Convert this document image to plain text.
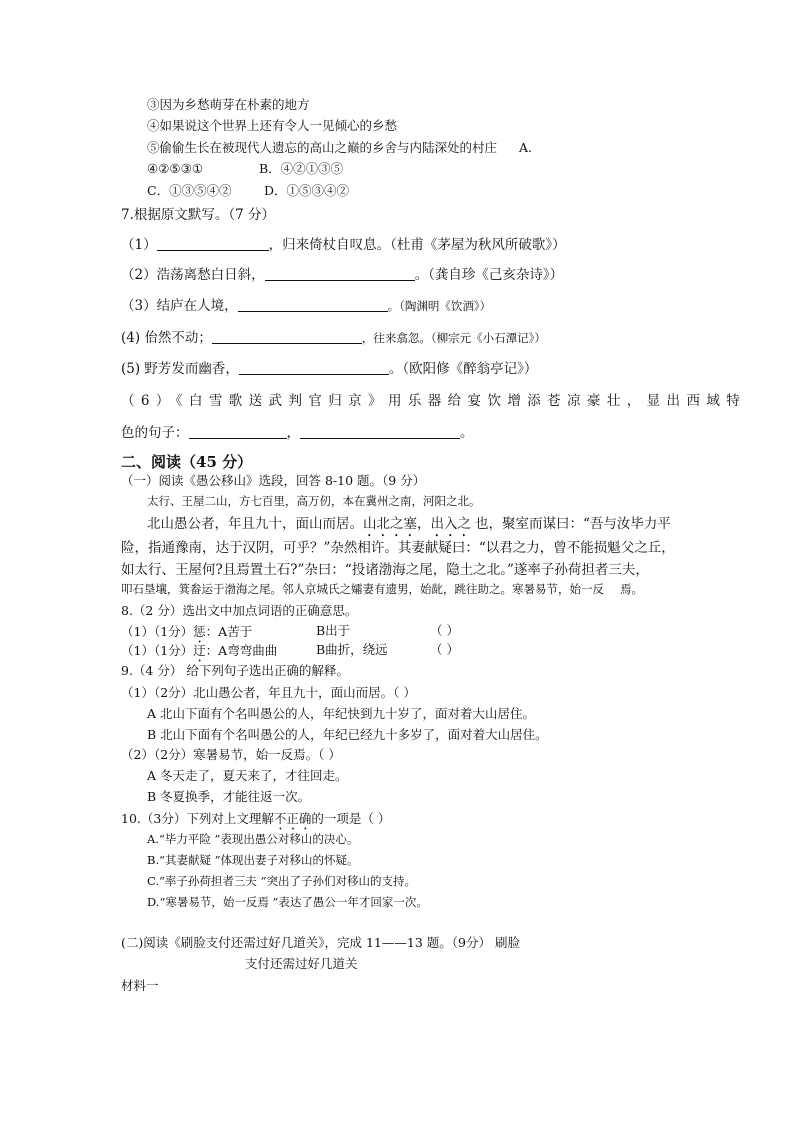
③因为乡愁萌芽在朴素的地方
④如果说这个世界上还有令人一见倾心的乡愁
⑤偷偷生长在被现代人遗忘的高山之巅的乡舍与内陆深处的村庄 A.
④②⑤③①	B．④②①③⑤
C．①③⑤④②	D．①⑤③④②
7.根据原文默写。（7 分）
（1）	，归来倚杖自叹息。（杜甫《茅屋为秋风所破歌》）
（2）浩荡离愁白日斜，	。（龚自珍《己亥杂诗》）
（3）结庐在人境，	。（陶渊明《饮酒》）
(4) 佁然不动；	，往来翕忽。（柳宗元《小石潭记》）
(5) 野芳发而幽香，	。（欧阳修《醉翁亭记》）
（6）《白雪歌送武判官归京》用乐器给宴饮增添苍凉豪壮，显出西域特
色的句子：	，	。
二、阅读（45 分）
（一）阅读《愚公移山》选段，回答 8-10 题。（9 分）
太行、王屋二山，方七百里，高万仞，本在冀州之南，河阳之北。
北山愚公者，年且九十，面山而居。山北之塞，出入之 也，聚室而谋曰：“吾与汝毕力平
险，指通豫南，达于汉阴，可乎？”杂然相许。其妻献疑曰：“以君之力，曾不能损魁父之丘，
如太行、王屋何?且焉置土石?”杂曰：“投诸渤海之尾，隐土之北。”遂率子孙荷担者三夫，
叩石垦壤，箕畚运于渤海之尾。邻人京城氏之孀妻有遗男，始龀，跳往助之。寒暑易节，始一反 焉。
8.（2 分）选出文中加点词语的正确意思。
（1）（1分）惩：A苦于	B出于	（ ）
（1）（1分）迂：A弯弯曲曲	B曲折，绕远	（ ）
9.（4 分） 给下列句子选出正确的解释。
（1）（2分）北山愚公者，年且九十，面山而居。（ ）
A 北山下面有个名叫愚公的人，年纪快到九十岁了，面对着大山居住。
B 北山下面有个名叫愚公的人，年纪已经九十多岁了，面对着大山居住。
（2）（2分）寒暑易节，始一反焉。（ ）
A 冬天走了，夏天来了，才往回走。
B 冬夏换季，才能往返一次。
10.（3分）下列对上文理解不正确的一项是（ ）
A.“毕力平险 ”表现出愚公对移山的决心。
B.“其妻献疑 ”体现出妻子对移山的怀疑。
C.“率子孙荷担者三夫 ”突出了子孙们对移山的支持。
D.“寒暑易节，始一反焉 ”表达了愚公一年才回家一次。
(二)阅读《刷脸支付还需过好几道关》，完成 11——13 题。（9分） 刷脸
支付还需过好几道关
材料一
